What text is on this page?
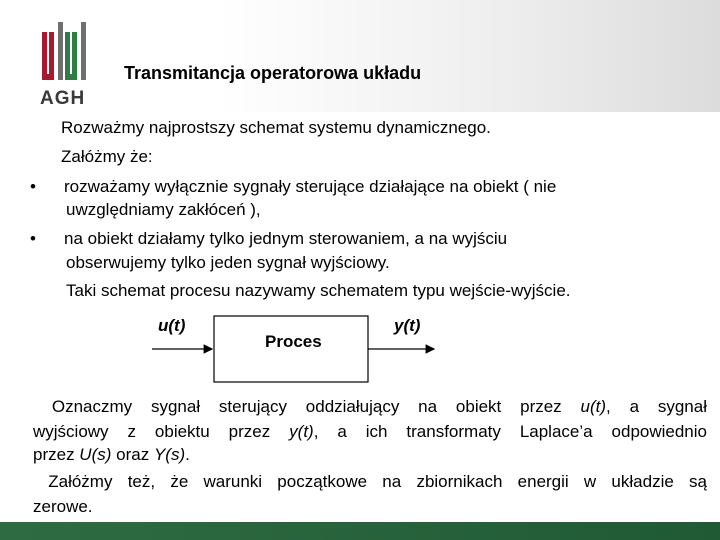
AGH
Transmitancja operatorowa układu
Rozważmy najprostszy schemat systemu dynamicznego.
Załóżmy że:
• rozważamy wyłącznie sygnały sterujące działające na obiekt ( nie
uwzględniamy zakłóceń ),
• na obiekt działamy tylko jednym sterowaniem, a na wyjściu
obserwujemy tylko jeden sygnał wyjściowy.
Taki schemat procesu nazywamy schematem typu wejście-wyjście.
u(t)
Proces
y(t)
Oznaczmy sygnał sterujący oddziałujący na obiekt przez u(t), a sygnał
wyjściowy z obiektu przez y(t), a ich transformaty Laplace’a odpowiednio
przez U(s) oraz Y(s).
Załóżmy też, że warunki początkowe na zbiornikach energii w układzie są
zerowe.
